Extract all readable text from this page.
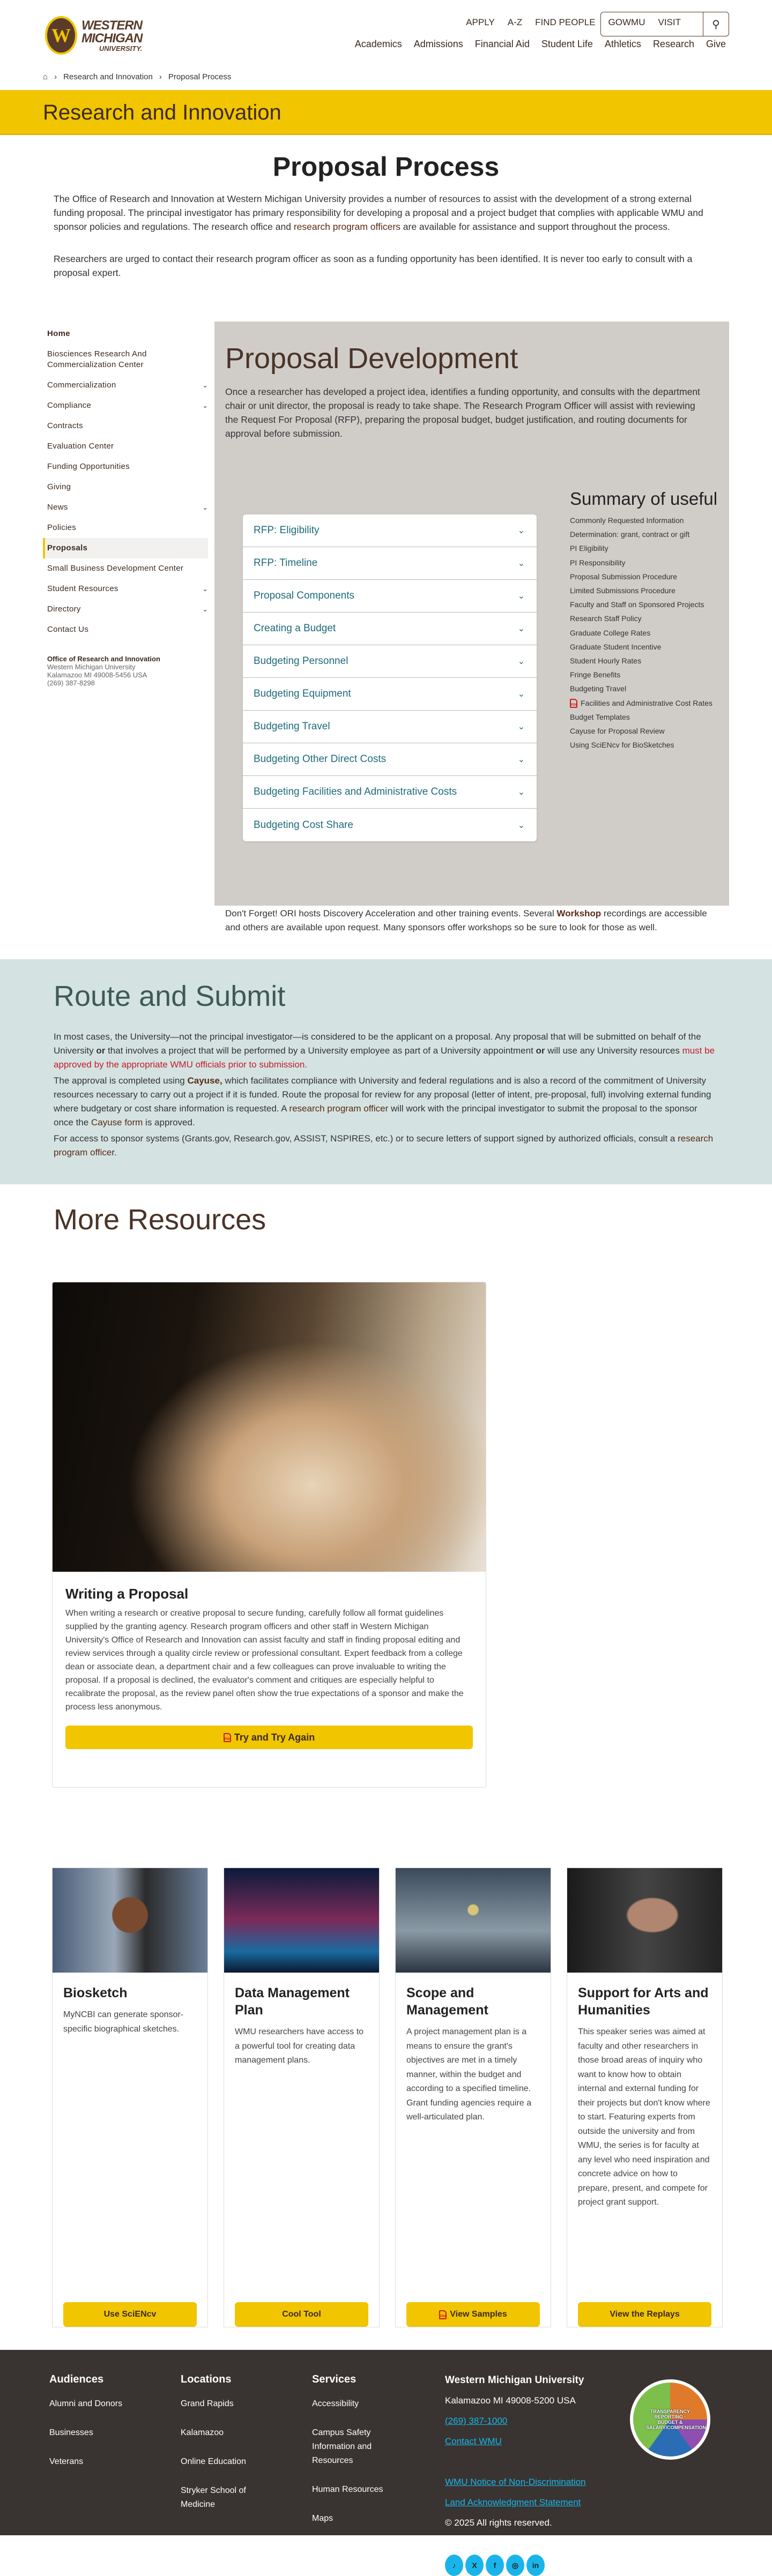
W WESTERN
MICHIGAN
UNIVERSITY.
APPLY A-Z FIND PEOPLE GOWMU VISIT	⚲
Academics Admissions Financial Aid Student Life Athletics Research Give
⌂ › Research and Innovation › Proposal Process
Research and Innovation
Proposal Process

The Office of Research and Innovation at Western Michigan University provides a number of resources to assist with the development of a strong external funding proposal. The principal investigator has primary responsibility for developing a proposal and a project budget that complies with applicable WMU and sponsor policies and regulations. The research office and research program officers are available for assistance and support throughout the process.

Researchers are urged to contact their research program officer as soon as a funding opportunity has been identified. It is never too early to consult with a proposal expert.

Home
Biosciences Research And Commercialization Center
Commercialization	⌄
Compliance	⌄
Contracts
Evaluation Center
Funding Opportunities
Giving
News	⌄
Policies
Proposals
Small Business Development Center
Student Resources	⌄
Directory	⌄
Contact Us
Office of Research and Innovation
Western Michigan University
Kalamazoo MI 49008-5456 USA
(269) 387-8298
Proposal Development

Once a researcher has developed a project idea, identifies a funding opportunity, and consults with the department chair or unit director, the proposal is ready to take shape. The Research Program Officer will assist with reviewing the Request For Proposal (RFP), preparing the proposal budget, budget justification, and routing documents for approval before submission.

RFP: Eligibility	⌄
RFP: Timeline	⌄
Proposal Components	⌄
Creating a Budget	⌄
Budgeting Personnel	⌄
Budgeting Equipment	⌄
Budgeting Travel	⌄
Budgeting Other Direct Costs	⌄
Budgeting Facilities and Administrative Costs	⌄
Budgeting Cost Share	⌄
Summary of useful
Commonly Requested Information
Determination: grant, contract or gift
PI Eligibility
PI Responsibility
Proposal Submission Procedure
Limited Submissions Procedure
Faculty and Staff on Sponsored Projects
Research Staff Policy
Graduate College Rates
Graduate Student Incentive
Student Hourly Rates
Fringe Benefits
Budgeting Travel
PDF Facilities and Administrative Cost Rates
Budget Templates
Cayuse for Proposal Review
Using SciENcv for BioSketches

Don't Forget! ORI hosts Discovery Acceleration and other training events. Several Workshop recordings are accessible and others are available upon request. Many sponsors offer workshops so be sure to look for those as well.

Route and Submit

In most cases, the University—not the principal investigator—is considered to be the applicant on a proposal. Any proposal that will be submitted on behalf of the University or that involves a project that will be performed by a University employee as part of a University appointment or will use any University resources must be approved by the appropriate WMU officials prior to submission.

The approval is completed using Cayuse, which facilitates compliance with University and federal regulations and is also a record of the commitment of University resources necessary to carry out a project if it is funded. Route the proposal for review for any proposal (letter of intent, pre-proposal, full) involving external funding where budgetary or cost share information is requested. A research program officer will work with the principal investigator to submit the proposal to the sponsor once the Cayuse form is approved.

For access to sponsor systems (Grants.gov, Research.gov, ASSIST, NSPIRES, etc.) or to secure letters of support signed by authorized officials, consult a research program officer.

More Resources
Writing a Proposal

When writing a research or creative proposal to secure funding, carefully follow all format guidelines supplied by the granting agency. Research program officers and other staff in Western Michigan University's Office of Research and Innovation can assist faculty and staff in finding proposal editing and review services through a quality circle review or professional consultant. Expert feedback from a college dean or associate dean, a department chair and a few colleagues can prove invaluable to writing the proposal. If a proposal is declined, the evaluator's comment and critiques are especially helpful to recalibrate the proposal, as the review panel often show the true expectations of a sponsor and make the process less anonymous.

PDF Try and Try Again
Biosketch

MyNCBI can generate sponsor-specific biographical sketches.

Use SciENcv
Data Management Plan

WMU researchers have access to a powerful tool for creating data management plans.

Cool Tool
Scope and Management

A project management plan is a means to ensure the grant's objectives are met in a timely manner, within the budget and according to a specified timeline. Grant funding agencies require a well-articulated plan.

PDF View Samples
Support for Arts and Humanities

This speaker series was aimed at faculty and other researchers in those broad areas of inquiry who want to know how to obtain internal and external funding for their projects but don't know where to start. Featuring experts from outside the university and from WMU, the series is for faculty at any level who need inspiration and concrete advice on how to prepare, present, and compete for project grant support.

View the Replays
Audiences
Alumni and Donors
Businesses
Veterans
Locations
Grand Rapids
Kalamazoo
Online Education
Stryker School of Medicine
Services
Accessibility
Campus Safety Information and Resources
Human Resources
Maps
Parking
Western Michigan University
Kalamazoo MI 49008-5200 USA
(269) 387-1000
Contact WMU
WMU Notice of Non-Discrimination
Land Acknowledgment Statement
© 2025 All rights reserved.
♪	X	f	◎	in
TRANSPARENCY REPORTING · BUDGET & SALARY/COMPENSATION
